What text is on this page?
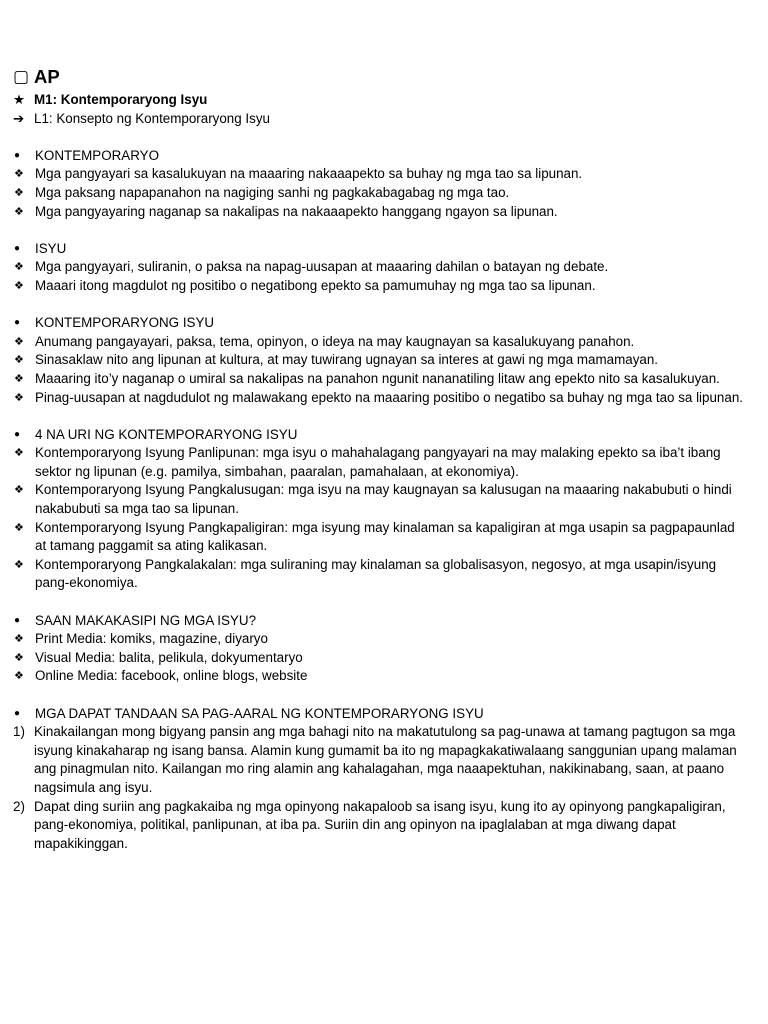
▢ AP
★ M1: Kontemporaryong Isyu
➔ L1: Konsepto ng Kontemporaryong Isyu
●	KONTEMPORARYO
❖ Mga pangyayari sa kasalukuyan na maaaring nakaaapekto sa buhay ng mga tao sa lipunan.
❖ Mga paksang napapanahon na nagiging sanhi ng pagkakabagabag ng mga tao.
❖ Mga pangyayaring naganap sa nakalipas na nakaaapekto hanggang ngayon sa lipunan.
●	ISYU
❖ Mga pangyayari, suliranin, o paksa na napag-uusapan at maaaring dahilan o batayan ng debate.
❖ Maaari itong magdulot ng positibo o negatibong epekto sa pamumuhay ng mga tao sa lipunan.
●	KONTEMPORARYONG ISYU
❖ Anumang pangayayari, paksa, tema, opinyon, o ideya na may kaugnayan sa kasalukuyang panahon.
❖ Sinasaklaw nito ang lipunan at kultura, at may tuwirang ugnayan sa interes at gawi ng mga mamamayan.
❖ Maaaring ito’y naganap o umiral sa nakalipas na panahon ngunit nananatiling litaw ang epekto nito sa kasalukuyan.
❖ Pinag-uusapan at nagdudulot ng malawakang epekto na maaaring positibo o negatibo sa buhay ng mga tao sa lipunan.
●	4 NA URI NG KONTEMPORARYONG ISYU
❖ Kontemporaryong Isyung Panlipunan: mga isyu o mahahalagang pangyayari na may malaking epekto sa iba’t ibang sektor ng lipunan (e.g. pamilya, simbahan, paaralan, pamahalaan, at ekonomiya).
❖ Kontemporaryong Isyung Pangkalusugan: mga isyu na may kaugnayan sa kalusugan na maaaring nakabubuti o hindi nakabubuti sa mga tao sa lipunan.
❖ Kontemporaryong Isyung Pangkapaligiran: mga isyung may kinalaman sa kapaligiran at mga usapin sa pagpapaunlad at tamang paggamit sa ating kalikasan.
❖ Kontemporaryong Pangkalakalan: mga suliraning may kinalaman sa globalisasyon, negosyo, at mga usapin/isyung pang-ekonomiya.
●	SAAN MAKAKASIPI NG MGA ISYU?
❖ Print Media: komiks, magazine, diyaryo
❖ Visual Media: balita, pelikula, dokyumentaryo
❖ Online Media: facebook, online blogs, website
●	MGA DAPAT TANDAAN SA PAG-AARAL NG KONTEMPORARYONG ISYU
1) Kinakailangan mong bigyang pansin ang mga bahagi nito na makatutulong sa pag-unawa at tamang pagtugon sa mga isyung kinakaharap ng isang bansa. Alamin kung gumamit ba ito ng mapagkakatiwalaang sanggunian upang malaman ang pinagmulan nito. Kailangan mo ring alamin ang kahalagahan, mga naaapektuhan, nakikinabang, saan, at paano nagsimula ang isyu.
2) Dapat ding suriin ang pagkakaiba ng mga opinyong nakapaloob sa isang isyu, kung ito ay opinyong pangkapaligiran, pang-ekonomiya, politikal, panlipunan, at iba pa. Suriin din ang opinyon na ipaglalaban at mga diwang dapat mapakikinggan.
